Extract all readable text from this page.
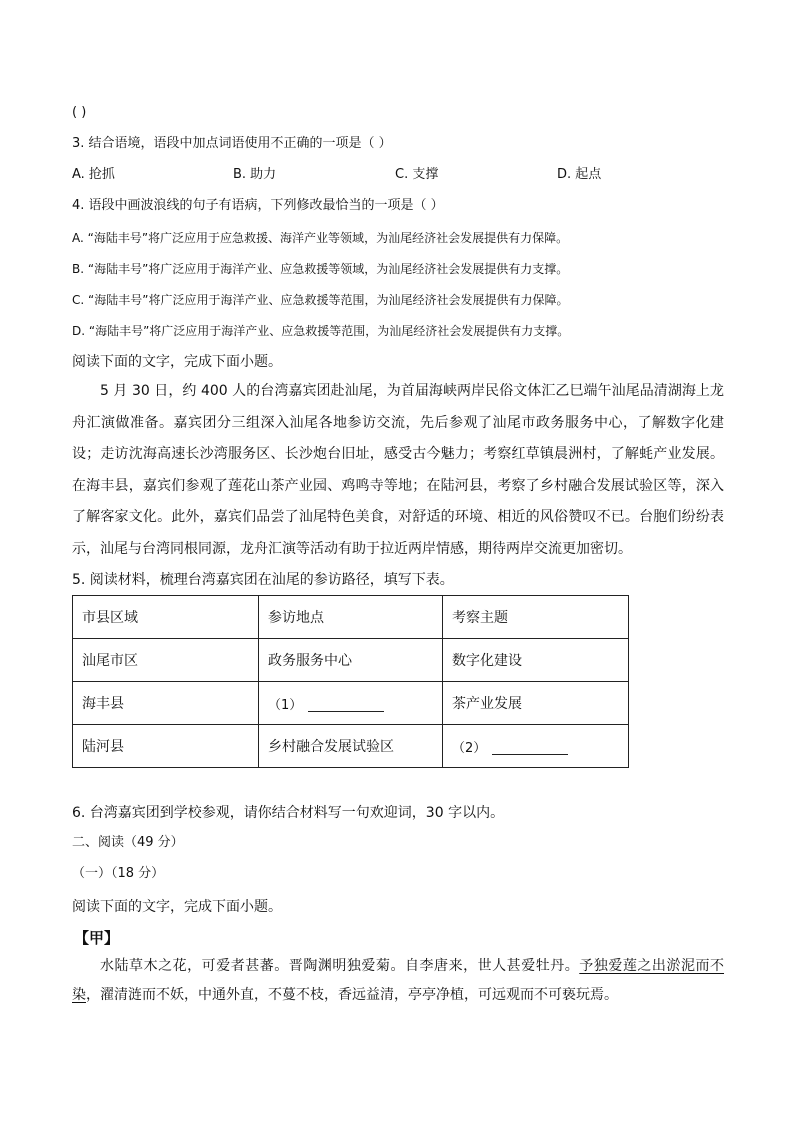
( )
3. 结合语境，语段中加点词语使用不正确的一项是（ ）
A. 抢抓	B. 助力	C. 支撑	D. 起点
4. 语段中画波浪线的句子有语病，下列修改最恰当的一项是（ ）
A. “海陆丰号”将广泛应用于应急救援、海洋产业等领域，为汕尾经济社会发展提供有力保障。
B. “海陆丰号”将广泛应用于海洋产业、应急救援等领域，为汕尾经济社会发展提供有力支撑。
C. “海陆丰号”将广泛应用于海洋产业、应急救援等范围，为汕尾经济社会发展提供有力保障。
D. “海陆丰号”将广泛应用于海洋产业、应急救援等范围，为汕尾经济社会发展提供有力支撑。
阅读下面的文字，完成下面小题。
5 月 30 日，约 400 人的台湾嘉宾团赴汕尾，为首届海峡两岸民俗文体汇乙巳端午汕尾品清湖海上龙舟汇演做准备。嘉宾团分三组深入汕尾各地参访交流，先后参观了汕尾市政务服务中心，了解数字化建设；走访沈海高速长沙湾服务区、长沙炮台旧址，感受古今魅力；考察红草镇晨洲村，了解蚝产业发展。在海丰县，嘉宾们参观了莲花山茶产业园、鸡鸣寺等地；在陆河县，考察了乡村融合发展试验区等，深入了解客家文化。此外，嘉宾们品尝了汕尾特色美食，对舒适的环境、相近的风俗赞叹不已。台胞们纷纷表示，汕尾与台湾同根同源，龙舟汇演等活动有助于拉近两岸情感，期待两岸交流更加密切。
5. 阅读材料，梳理台湾嘉宾团在汕尾的参访路径，填写下表。
市县区域	参访地点	考察主题
汕尾市区	政务服务中心	数字化建设
海丰县	（1）	茶产业发展
陆河县	乡村融合发展试验区	（2）
6. 台湾嘉宾团到学校参观，请你结合材料写一句欢迎词，30 字以内。
二、阅读（49 分）
（一）（18 分）
阅读下面的文字，完成下面小题。
【甲】
水陆草木之花，可爱者甚蕃。晋陶渊明独爱菊。自李唐来，世人甚爱牡丹。予独爱莲之出淤泥而不染，濯清涟而不妖，中通外直，不蔓不枝，香远益清，亭亭净植，可远观而不可亵玩焉。
